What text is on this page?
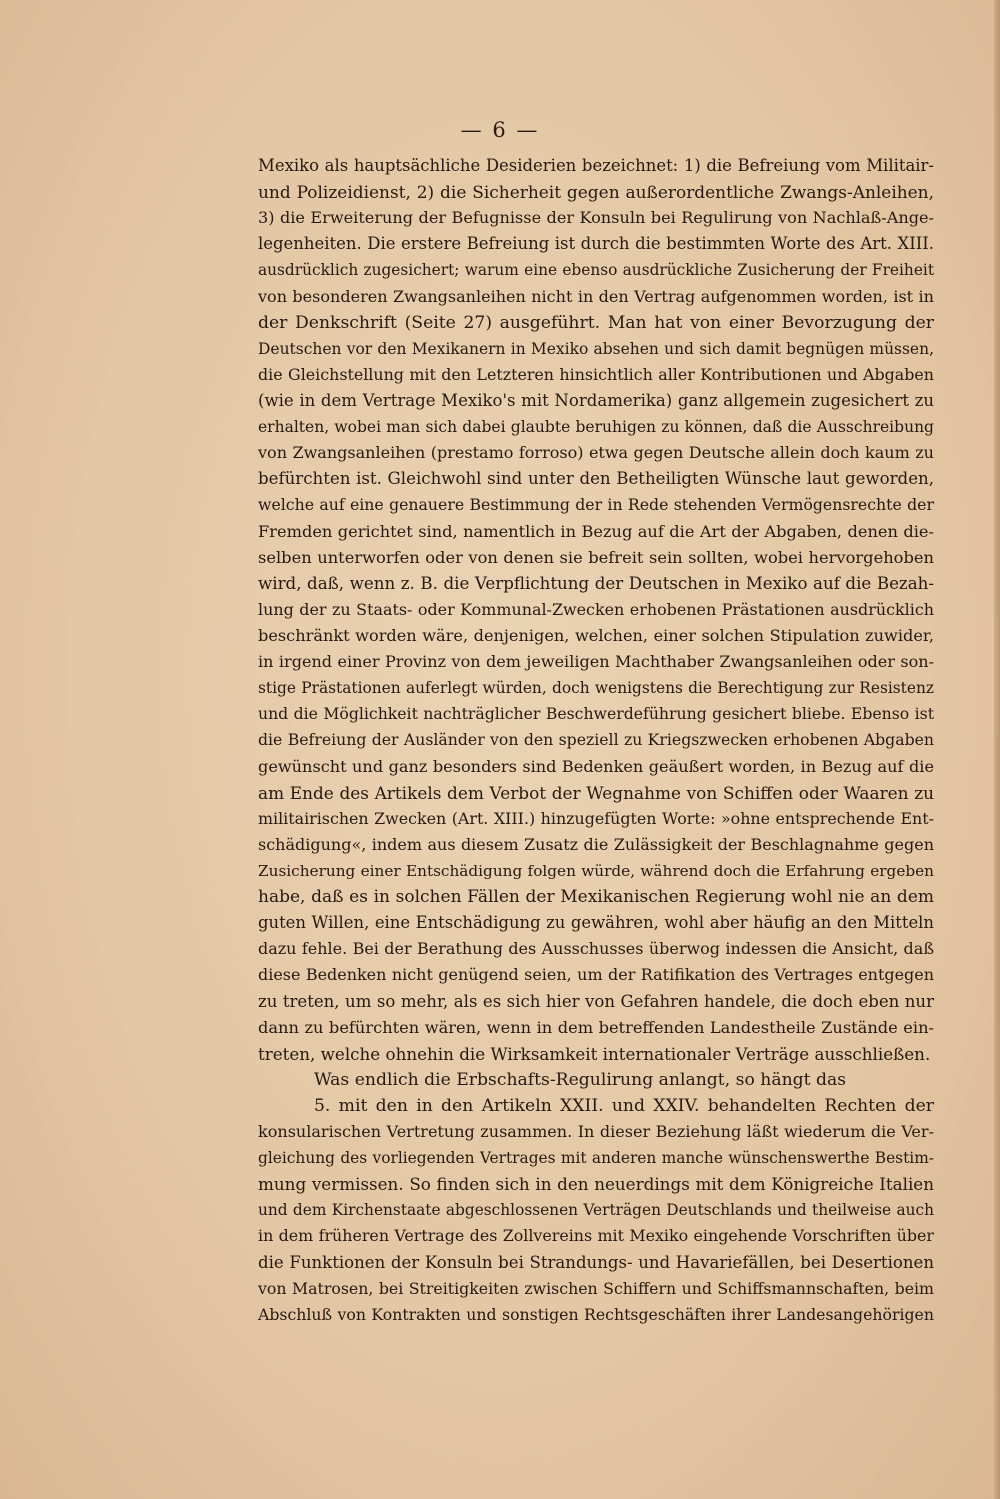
— 6 —
Mexiko als hauptsächliche Desiderien bezeichnet: 1) die Befreiung vom Militair-
und Polizeidienst, 2) die Sicherheit gegen außerordentliche Zwangs-Anleihen,
3) die Erweiterung der Befugnisse der Konsuln bei Regulirung von Nachlaß-Ange-
legenheiten. Die erstere Befreiung ist durch die bestimmten Worte des Art. XIII.
ausdrücklich zugesichert; warum eine ebenso ausdrückliche Zusicherung der Freiheit
von besonderen Zwangsanleihen nicht in den Vertrag aufgenommen worden, ist in
der Denkschrift (Seite 27) ausgeführt. Man hat von einer Bevorzugung der
Deutschen vor den Mexikanern in Mexiko absehen und sich damit begnügen müssen,
die Gleichstellung mit den Letzteren hinsichtlich aller Kontributionen und Abgaben
(wie in dem Vertrage Mexiko's mit Nordamerika) ganz allgemein zugesichert zu
erhalten, wobei man sich dabei glaubte beruhigen zu können, daß die Ausschreibung
von Zwangsanleihen (prestamo forroso) etwa gegen Deutsche allein doch kaum zu
befürchten ist. Gleichwohl sind unter den Betheiligten Wünsche laut geworden,
welche auf eine genauere Bestimmung der in Rede stehenden Vermögensrechte der
Fremden gerichtet sind, namentlich in Bezug auf die Art der Abgaben, denen die-
selben unterworfen oder von denen sie befreit sein sollten, wobei hervorgehoben
wird, daß, wenn z. B. die Verpflichtung der Deutschen in Mexiko auf die Bezah-
lung der zu Staats- oder Kommunal-Zwecken erhobenen Prästationen ausdrücklich
beschränkt worden wäre, denjenigen, welchen, einer solchen Stipulation zuwider,
in irgend einer Provinz von dem jeweiligen Machthaber Zwangsanleihen oder son-
stige Prästationen auferlegt würden, doch wenigstens die Berechtigung zur Resistenz
und die Möglichkeit nachträglicher Beschwerdeführung gesichert bliebe. Ebenso ist
die Befreiung der Ausländer von den speziell zu Kriegszwecken erhobenen Abgaben
gewünscht und ganz besonders sind Bedenken geäußert worden, in Bezug auf die
am Ende des Artikels dem Verbot der Wegnahme von Schiffen oder Waaren zu
militairischen Zwecken (Art. XIII.) hinzugefügten Worte: »ohne entsprechende Ent-
schädigung«, indem aus diesem Zusatz die Zulässigkeit der Beschlagnahme gegen
Zusicherung einer Entschädigung folgen würde, während doch die Erfahrung ergeben
habe, daß es in solchen Fällen der Mexikanischen Regierung wohl nie an dem
guten Willen, eine Entschädigung zu gewähren, wohl aber häufig an den Mitteln
dazu fehle. Bei der Berathung des Ausschusses überwog indessen die Ansicht, daß
diese Bedenken nicht genügend seien, um der Ratifikation des Vertrages entgegen
zu treten, um so mehr, als es sich hier von Gefahren handele, die doch eben nur
dann zu befürchten wären, wenn in dem betreffenden Landestheile Zustände ein-
treten, welche ohnehin die Wirksamkeit internationaler Verträge ausschließen.
Was endlich die Erbschafts-Regulirung anlangt, so hängt das
5. mit den in den Artikeln XXII. und XXIV. behandelten Rechten der
konsularischen Vertretung zusammen. In dieser Beziehung läßt wiederum die Ver-
gleichung des vorliegenden Vertrages mit anderen manche wünschenswerthe Bestim-
mung vermissen. So finden sich in den neuerdings mit dem Königreiche Italien
und dem Kirchenstaate abgeschlossenen Verträgen Deutschlands und theilweise auch
in dem früheren Vertrage des Zollvereins mit Mexiko eingehende Vorschriften über
die Funktionen der Konsuln bei Strandungs- und Havariefällen, bei Desertionen
von Matrosen, bei Streitigkeiten zwischen Schiffern und Schiffsmannschaften, beim
Abschluß von Kontrakten und sonstigen Rechtsgeschäften ihrer Landesangehörigen
